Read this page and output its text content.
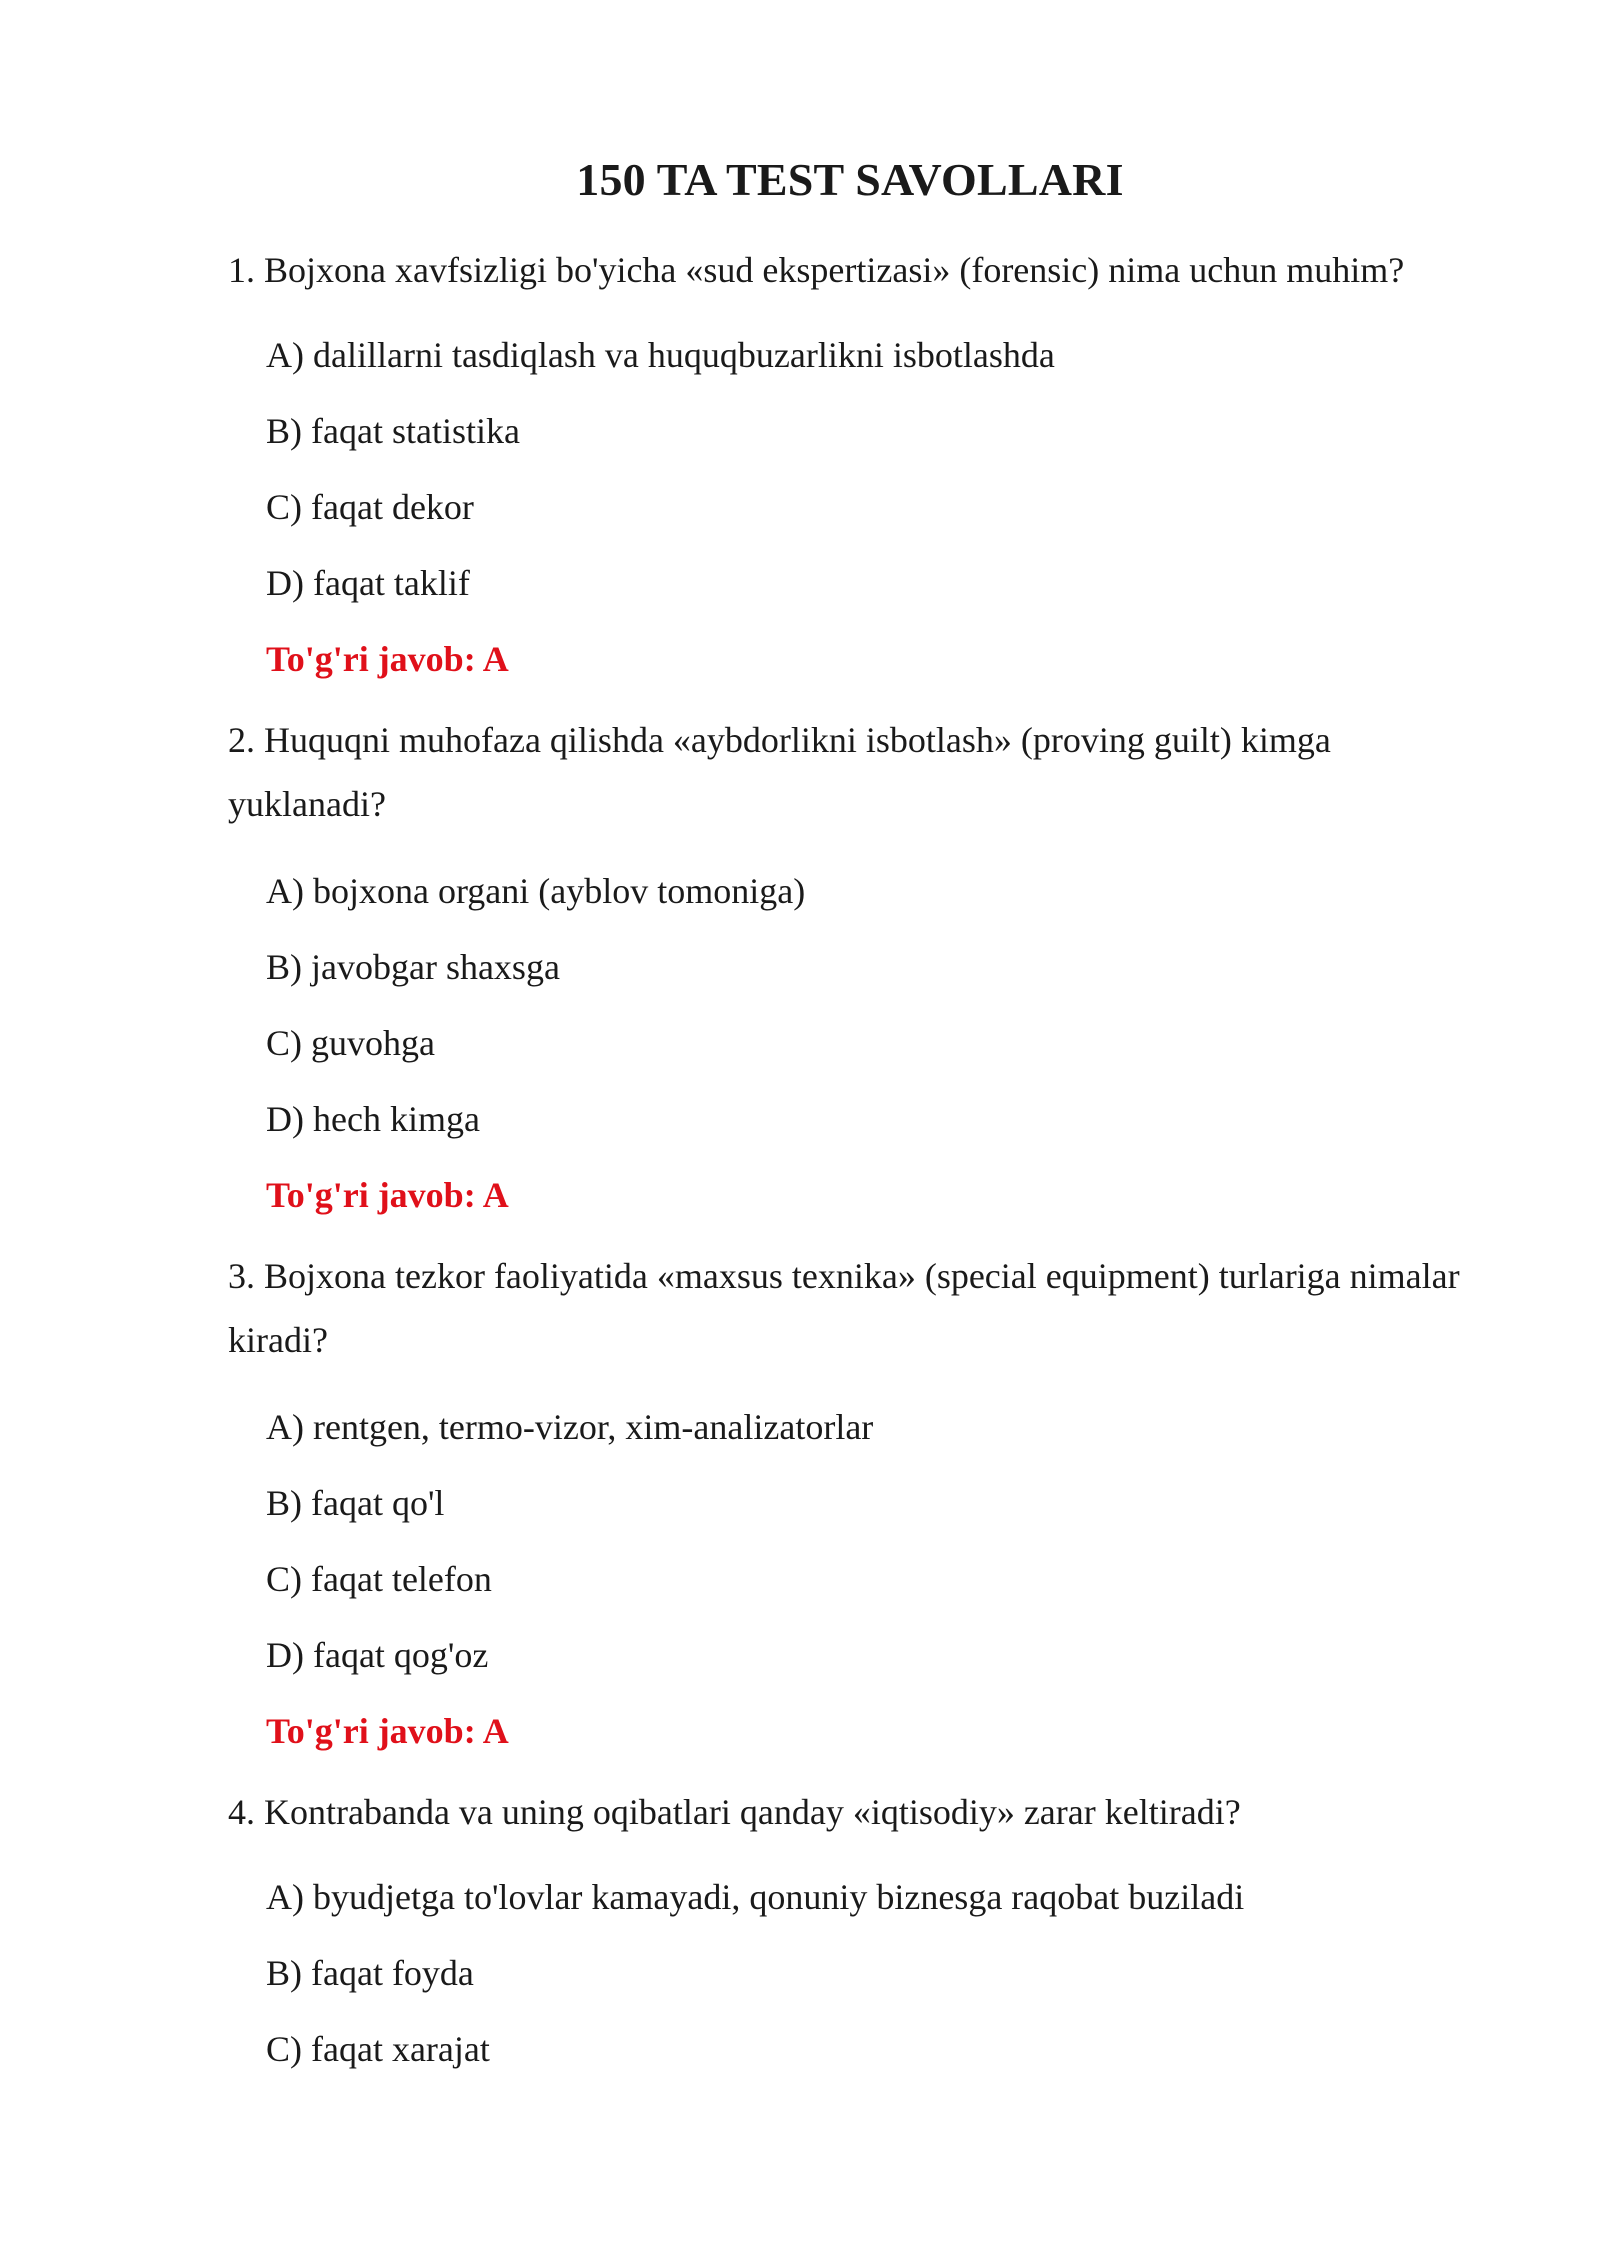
150 TA TEST SAVOLLARI
1. Bojxona xavfsizligi bo'yicha «sud ekspertizasi» (forensic) nima uchun muhim?
A) dalillarni tasdiqlash va huquqbuzarlikni isbotlashda
B) faqat statistika
C) faqat dekor
D) faqat taklif
To'g'ri javob: A
2. Huquqni muhofaza qilishda «aybdorlikni isbotlash» (proving guilt) kimga yuklanadi?
A) bojxona organi (ayblov tomoniga)
B) javobgar shaxsga
C) guvohga
D) hech kimga
To'g'ri javob: A
3. Bojxona tezkor faoliyatida «maxsus texnika» (special equipment) turlariga nimalar kiradi?
A) rentgen, termo-vizor, xim-analizatorlar
B) faqat qo'l
C) faqat telefon
D) faqat qog'oz
To'g'ri javob: A
4. Kontrabanda va uning oqibatlari qanday «iqtisodiy» zarar keltiradi?
A) byudjetga to'lovlar kamayadi, qonuniy biznesga raqobat buziladi
B) faqat foyda
C) faqat xarajat
